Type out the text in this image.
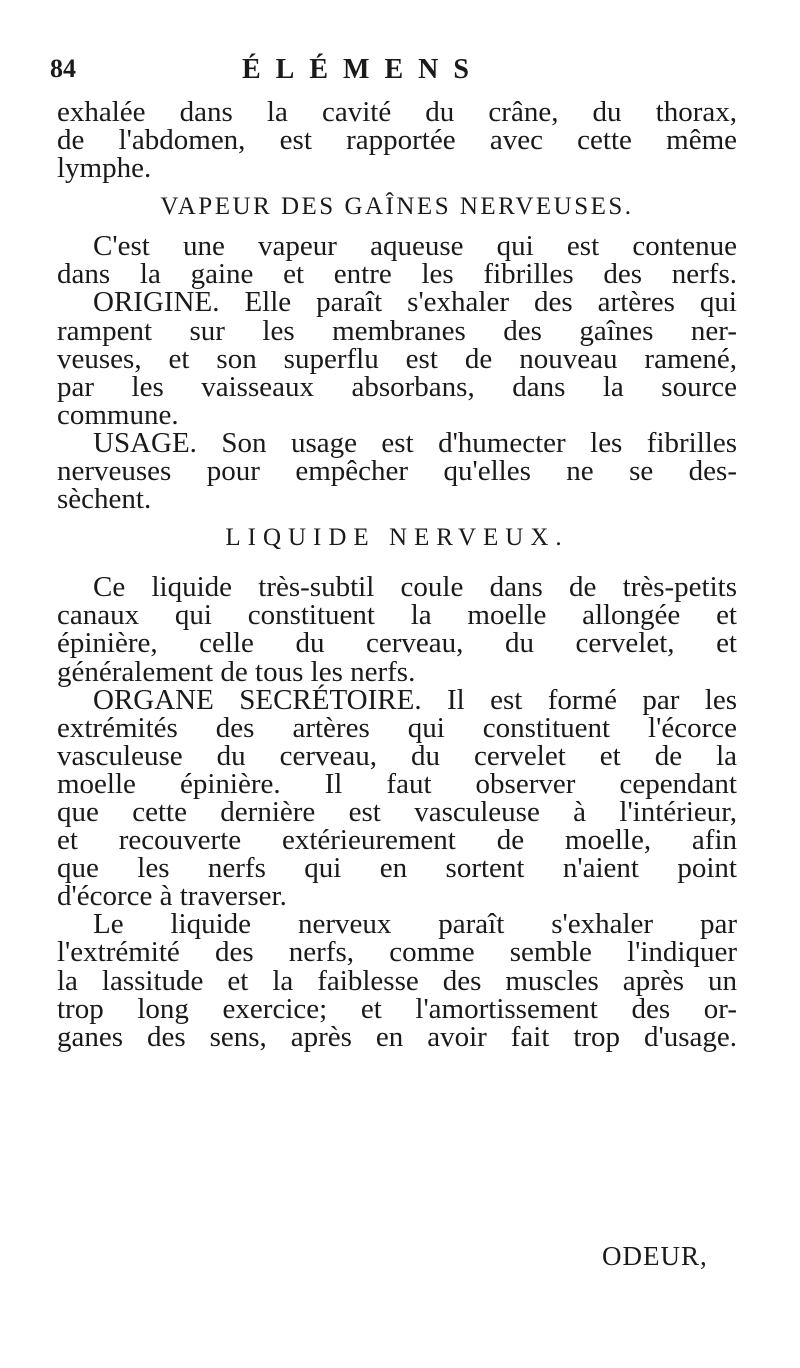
84	ÉLÉMENS
exhalée dans la cavité du crâne, du thorax,
de l'abdomen, est rapportée avec cette même
lymphe.
VAPEUR DES GAÎNES NERVEUSES.
C'est une vapeur aqueuse qui est contenue
dans la gaine et entre les fibrilles des nerfs.
ORIGINE. Elle paraît s'exhaler des artères qui
rampent sur les membranes des gaînes ner-
veuses, et son superflu est de nouveau ramené,
par les vaisseaux absorbans, dans la source
commune.
USAGE. Son usage est d'humecter les fibrilles
nerveuses pour empêcher qu'elles ne se des-
sèchent.
LIQUIDE NERVEUX.
Ce liquide très-subtil coule dans de très-petits
canaux qui constituent la moelle allongée et
épinière, celle du cerveau, du cervelet, et
généralement de tous les nerfs.
ORGANE SECRÉTOIRE. Il est formé par les
extrémités des artères qui constituent l'écorce
vasculeuse du cerveau, du cervelet et de la
moelle épinière. Il faut observer cependant
que cette dernière est vasculeuse à l'intérieur,
et recouverte extérieurement de moelle, afin
que les nerfs qui en sortent n'aient point
d'écorce à traverser.
Le liquide nerveux paraît s'exhaler par
l'extrémité des nerfs, comme semble l'indiquer
la lassitude et la faiblesse des muscles après un
trop long exercice; et l'amortissement des or-
ganes des sens, après en avoir fait trop d'usage.
ODEUR,
